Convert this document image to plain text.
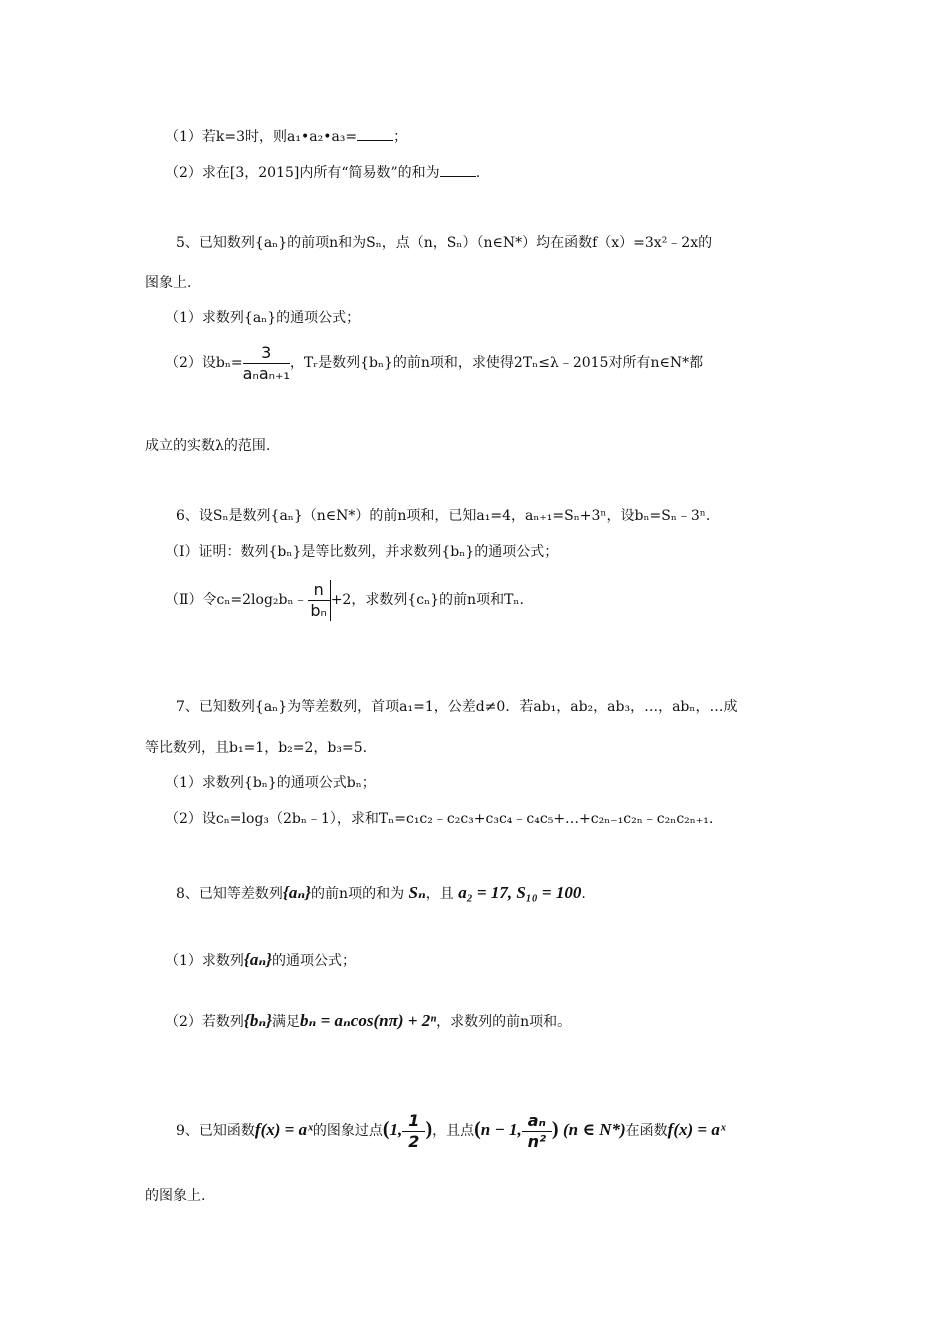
（1）若k=3时，则a₁•a₂•a₃=	；
（2）求在[3，2015]内所有“简易数”的和为	.
5、已知数列{aₙ}的前项n和为Sₙ，点（n，Sₙ）（n∈N*）均在函数f（x）=3x²﹣2x的
图象上.
（1）求数列{aₙ}的通项公式；
（2）设$b_n= \frac{3}{\text{aₙaₙ₊₁}}$ ，Tᵣ是数列{bₙ}的前n项和，求使得2Tₙ≤λ﹣2015对所有n∈N*都
成立的实数λ的范围.
6、设Sₙ是数列{aₙ}（n∈N*）的前n项和，已知a₁=4，aₙ₊₁=Sₙ+3ⁿ，设bₙ=Sₙ﹣3ⁿ.
（Ⅰ）证明：数列{bₙ}是等比数列，并求数列{bₙ}的通项公式；
（Ⅱ）令cₙ=2log₂bₙ﹣ $\frac{n}{\text{bₙ}} +2$，求数列{cₙ}的前n项和Tₙ.
7、已知数列{aₙ}为等差数列，首项a₁=1，公差d≠0．若ab₁，ab₂，ab₃，…，abₙ，…成
等比数列，且b₁=1，b₂=2，b₃=5.
（1）求数列{bₙ}的通项公式bₙ；
（2）设cₙ=log₃（2bₙ﹣1），求和Tₙ=c₁c₂﹣c₂c₃+c₃c₄﹣c₄c₅+…+c₂ₙ₋₁c₂ₙ﹣c₂ₙc₂ₙ₊₁.
8、已知等差数列{aₙ}的前n项的和为 Sₙ，且 a₂ = 17, S₁₀ = 100.
（1）求数列{aₙ}的通项公式；
（2）若数列{bₙ}满足bₙ = aₙcos(nπ) + 2ⁿ，求数列的前n项和。
9、已知函数f(x) = aˣ的图象过点(1, $\frac{1}{2}$ )，且点(n − 1, $\frac{\text{aₙ}}{\text{n²}}$ ) (n ∈ N*)在函数f(x) = aˣ
的图象上.
